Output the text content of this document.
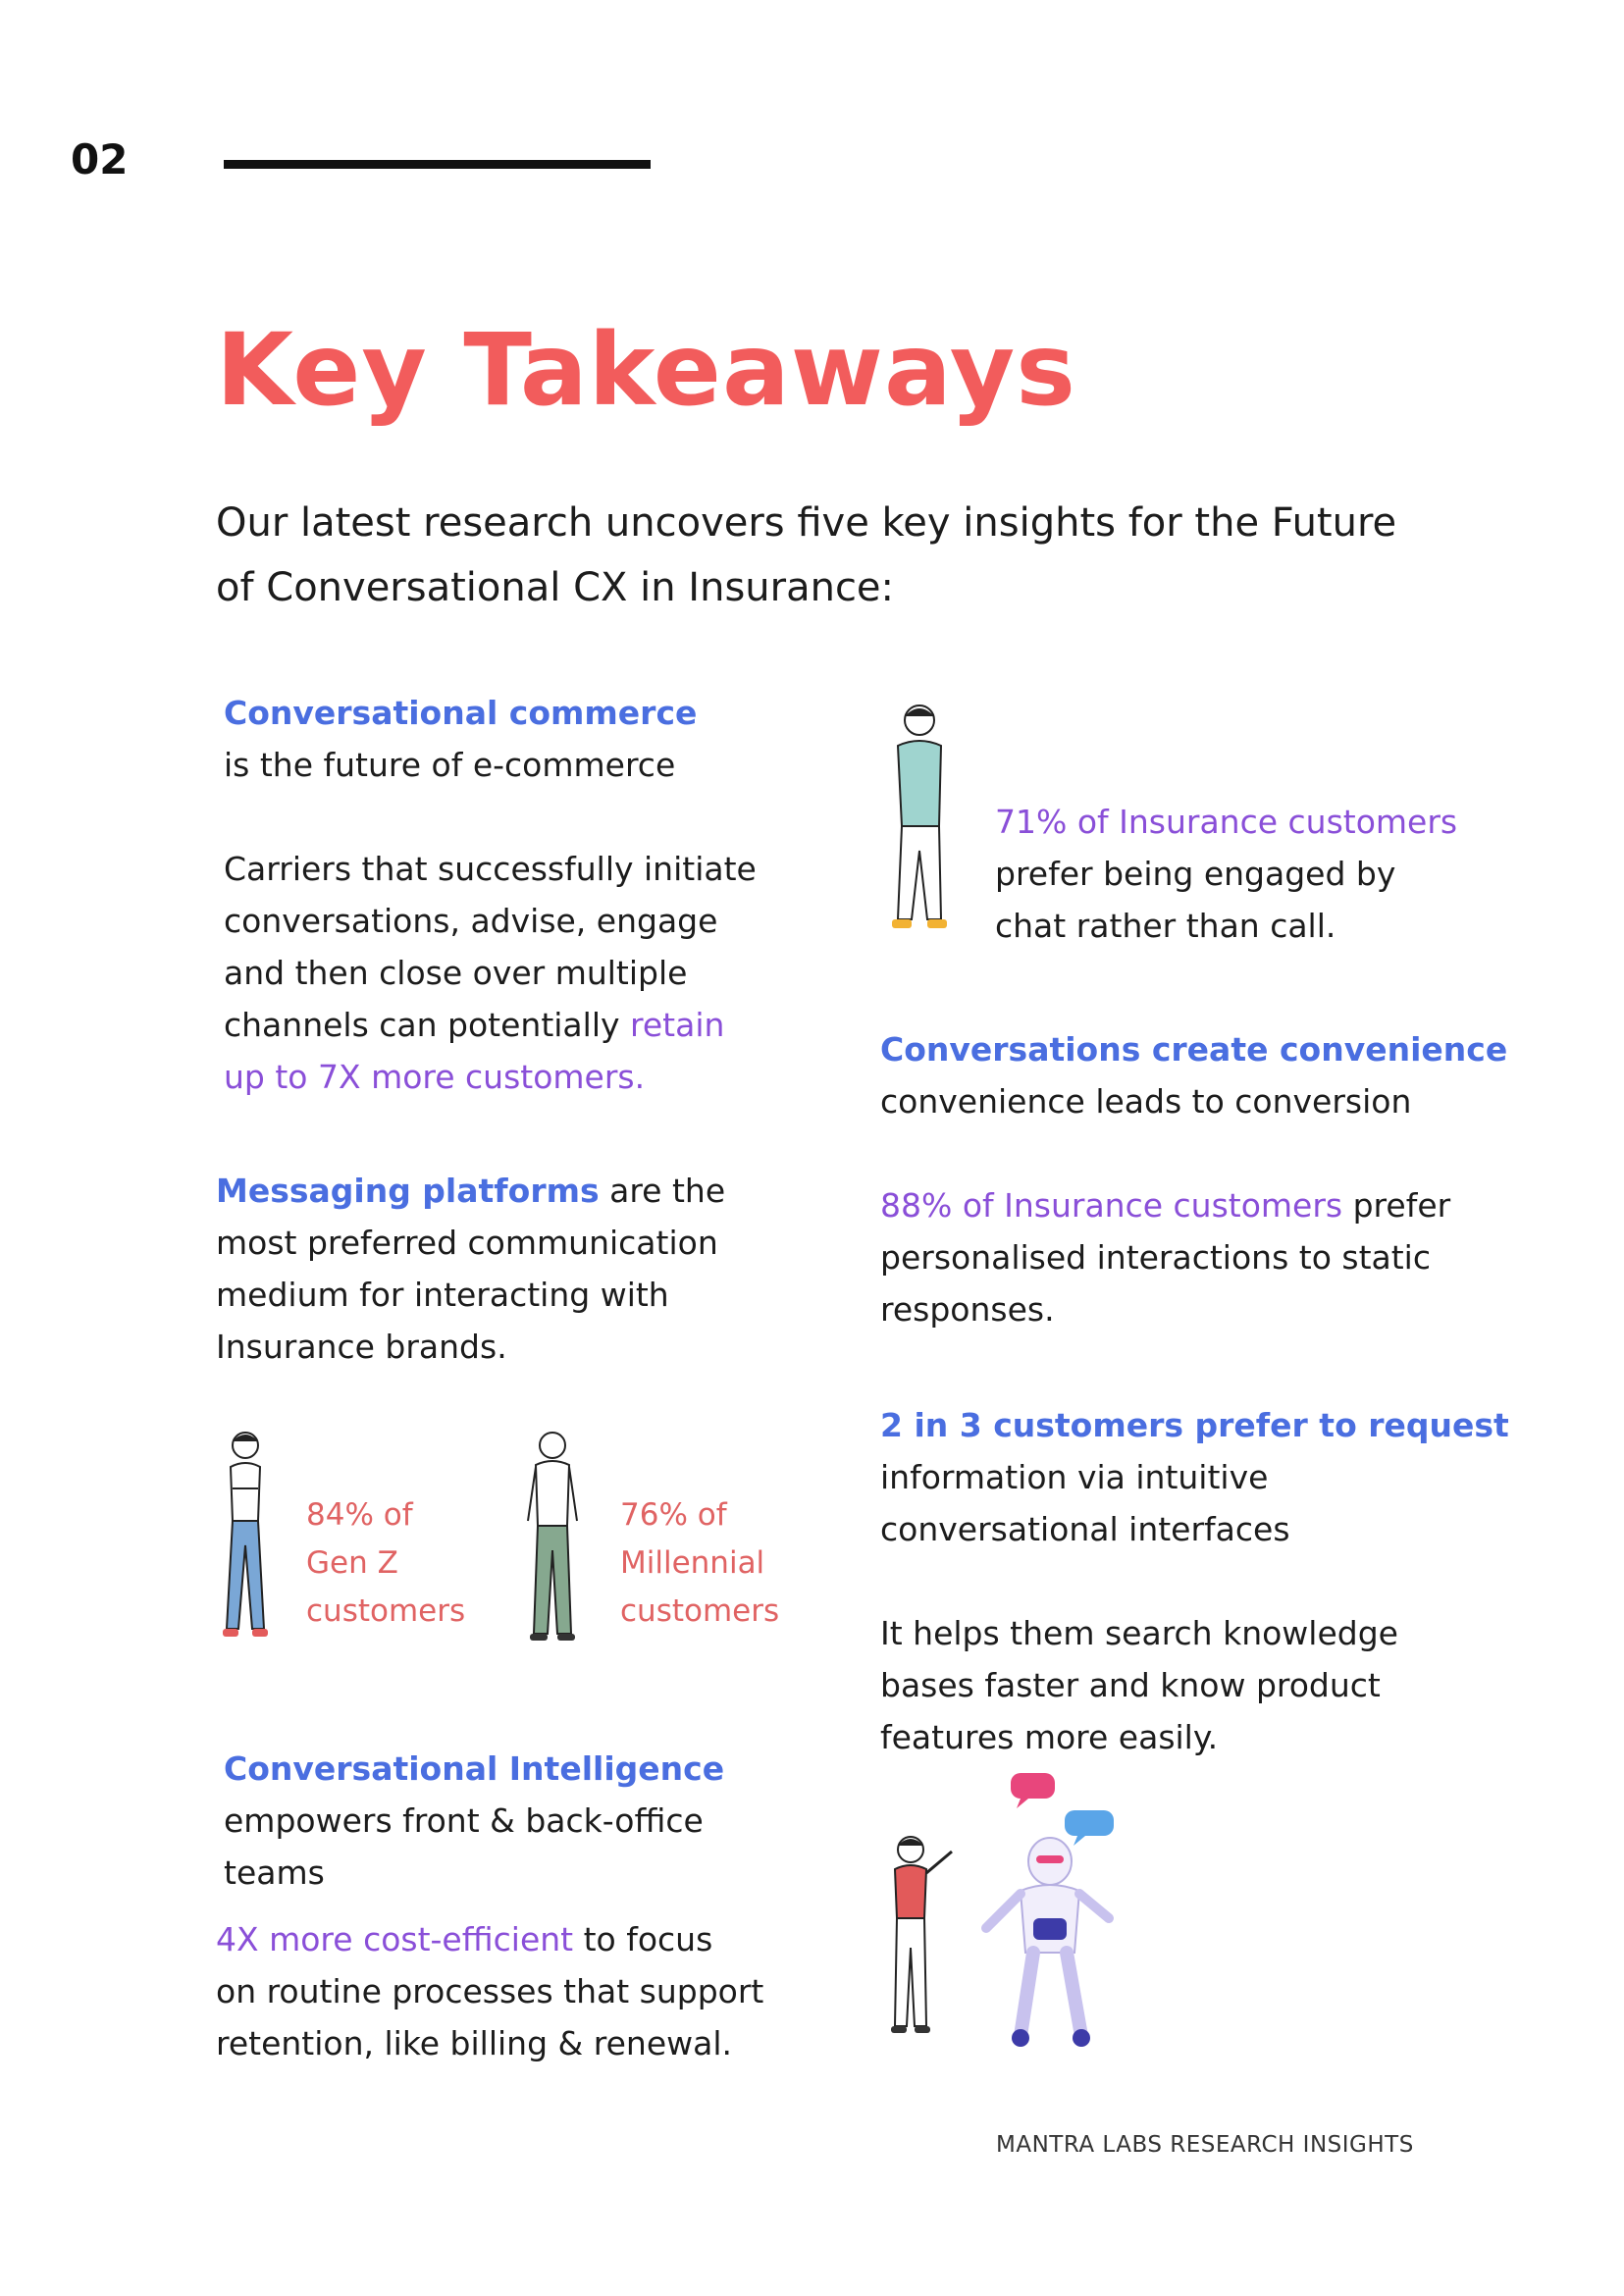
02
Key Takeaways
Our latest research uncovers five key insights for the Future
of Conversational CX in Insurance:
Conversational commerce
is the future of e-commerce
Carriers that successfully initiate
conversations, advise, engage
and then close over multiple
channels can potentially retain
up to 7X more customers.
Messaging platforms are the
most preferred communication
medium for interacting with
Insurance brands.
84% of
Gen Z
customers
76% of
Millennial
customers
Conversational Intelligence
empowers front & back-office
teams
4X more cost-efficient to focus
on routine processes that support
retention, like billing & renewal.
71% of Insurance customers
prefer being engaged by
chat rather than call.
Conversations create convenience
convenience leads to conversion
88% of Insurance customers prefer
personalised interactions to static
responses.
2 in 3 customers prefer to request
information via intuitive
conversational interfaces
It helps them search knowledge
bases faster and know product
features more easily.
MANTRA LABS RESEARCH INSIGHTS
